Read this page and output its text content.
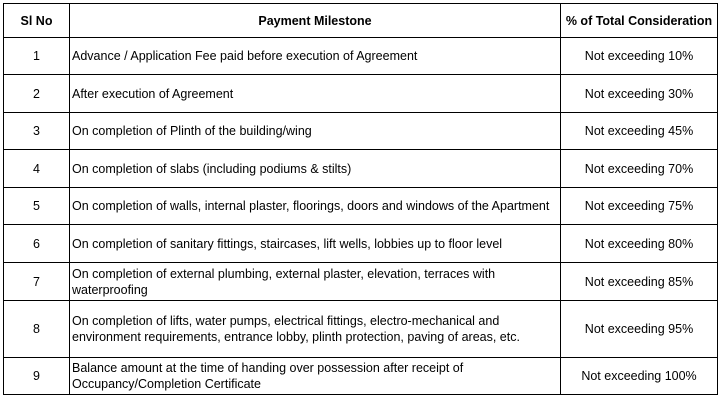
Sl No	Payment Milestone	% of Total Consideration
1	Advance / Application Fee paid before execution of Agreement	Not exceeding 10%
2	After execution of Agreement	Not exceeding 30%
3	On completion of Plinth of the building/wing	Not exceeding 45%
4	On completion of slabs (including podiums & stilts)	Not exceeding 70%
5	On completion of walls, internal plaster, floorings, doors and windows of the Apartment	Not exceeding 75%
6	On completion of sanitary fittings, staircases, lift wells, lobbies up to floor level	Not exceeding 80%
7	On completion of external plumbing, external plaster, elevation, terraces with waterproofing	Not exceeding 85%
8	On completion of lifts, water pumps, electrical fittings, electro-mechanical and environment requirements, entrance lobby, plinth protection, paving of areas, etc.	Not exceeding 95%
9	Balance amount at the time of handing over possession after receipt of Occupancy/Completion Certificate	Not exceeding 100%
